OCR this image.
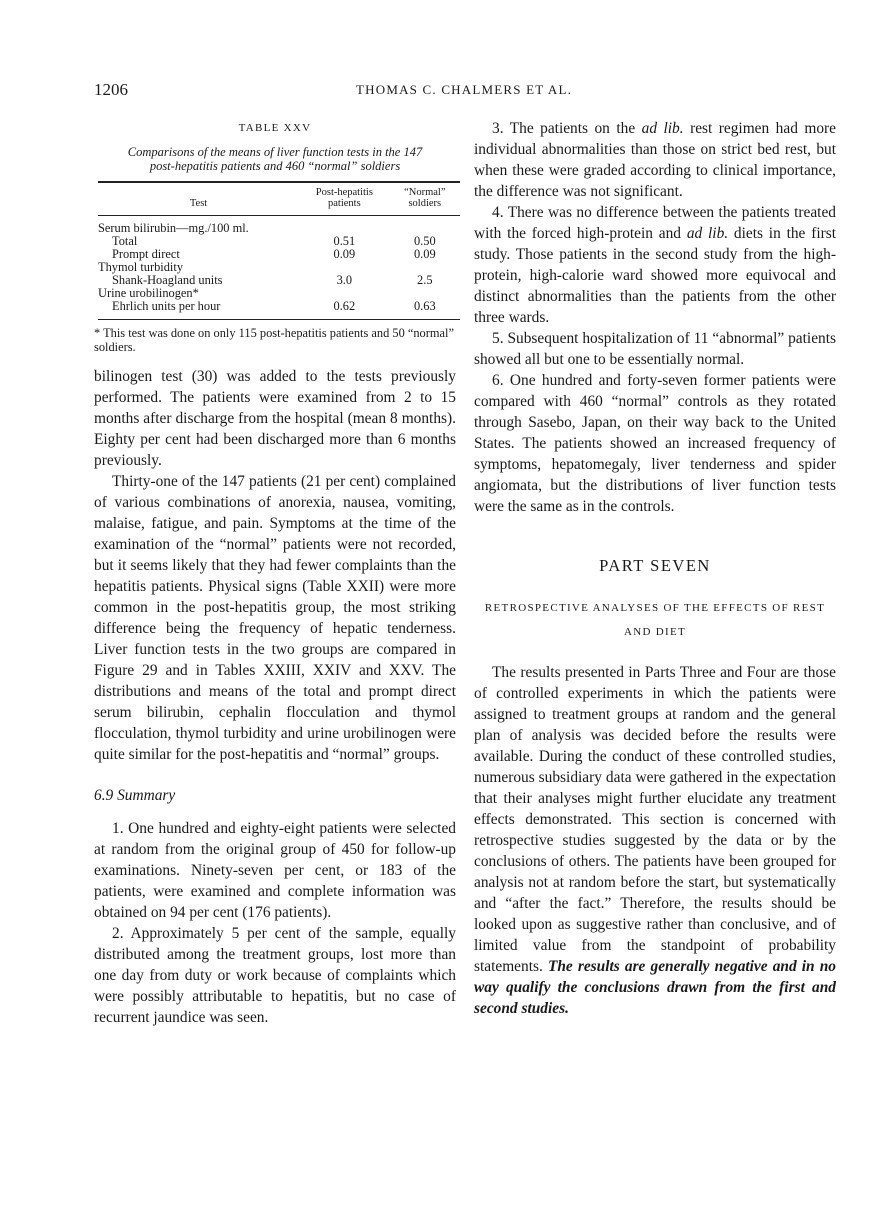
1206	THOMAS C. CHALMERS ET AL.
TABLE XXV
Comparisons of the means of liver function tests in the 147
post-hepatitis patients and 460 “normal” soldiers
Test	Post-hepatitis patients	“Normal” soldiers
Serum bilirubin—mg./100 ml.		
Total	0.51	0.50
Prompt direct	0.09	0.09
Thymol turbidity		
Shank-Hoagland units	3.0	2.5
Urine urobilinogen*		
Ehrlich units per hour	0.62	0.63
* This test was done on only 115 post-hepatitis patients and 50 “normal” soldiers.

bilinogen test (30) was added to the tests previously performed. The patients were examined from 2 to 15 months after discharge from the hospital (mean 8 months). Eighty per cent had been discharged more than 6 months previously.

Thirty-one of the 147 patients (21 per cent) complained of various combinations of anorexia, nausea, vomiting, malaise, fatigue, and pain. Symptoms at the time of the examination of the “normal” patients were not recorded, but it seems likely that they had fewer complaints than the hepatitis patients. Physical signs (Table XXII) were more common in the post-hepatitis group, the most striking difference being the frequency of hepatic tenderness. Liver function tests in the two groups are compared in Figure 29 and in Tables XXIII, XXIV and XXV. The distributions and means of the total and prompt direct serum bilirubin, cephalin flocculation and thymol flocculation, thymol turbidity and urine urobilinogen were quite similar for the post-hepatitis and “normal” groups.

6.9 Summary

1. One hundred and eighty-eight patients were selected at random from the original group of 450 for follow-up examinations. Ninety-seven per cent, or 183 of the patients, were examined and complete information was obtained on 94 per cent (176 patients).

2. Approximately 5 per cent of the sample, equally distributed among the treatment groups, lost more than one day from duty or work because of complaints which were possibly attributable to hepatitis, but no case of recurrent jaundice was seen.

3. The patients on the ad lib. rest regimen had more individual abnormalities than those on strict bed rest, but when these were graded according to clinical importance, the difference was not significant.

4. There was no difference between the patients treated with the forced high-protein and ad lib. diets in the first study. Those patients in the second study from the high-protein, high-calorie ward showed more equivocal and distinct abnormalities than the patients from the other three wards.

5. Subsequent hospitalization of 11 “abnormal” patients showed all but one to be essentially normal.

6. One hundred and forty-seven former patients were compared with 460 “normal” controls as they rotated through Sasebo, Japan, on their way back to the United States. The patients showed an increased frequency of symptoms, hepatomegaly, liver tenderness and spider angiomata, but the distributions of liver function tests were the same as in the controls.

PART SEVEN
RETROSPECTIVE ANALYSES OF THE EFFECTS OF REST
AND DIET

The results presented in Parts Three and Four are those of controlled experiments in which the patients were assigned to treatment groups at random and the general plan of analysis was decided before the results were available. During the conduct of these controlled studies, numerous subsidiary data were gathered in the expectation that their analyses might further elucidate any treatment effects demonstrated. This section is concerned with retrospective studies suggested by the data or by the conclusions of others. The patients have been grouped for analysis not at random before the start, but systematically and “after the fact.” Therefore, the results should be looked upon as suggestive rather than conclusive, and of limited value from the standpoint of probability statements. The results are generally negative and in no way qualify the conclusions drawn from the first and second studies.
